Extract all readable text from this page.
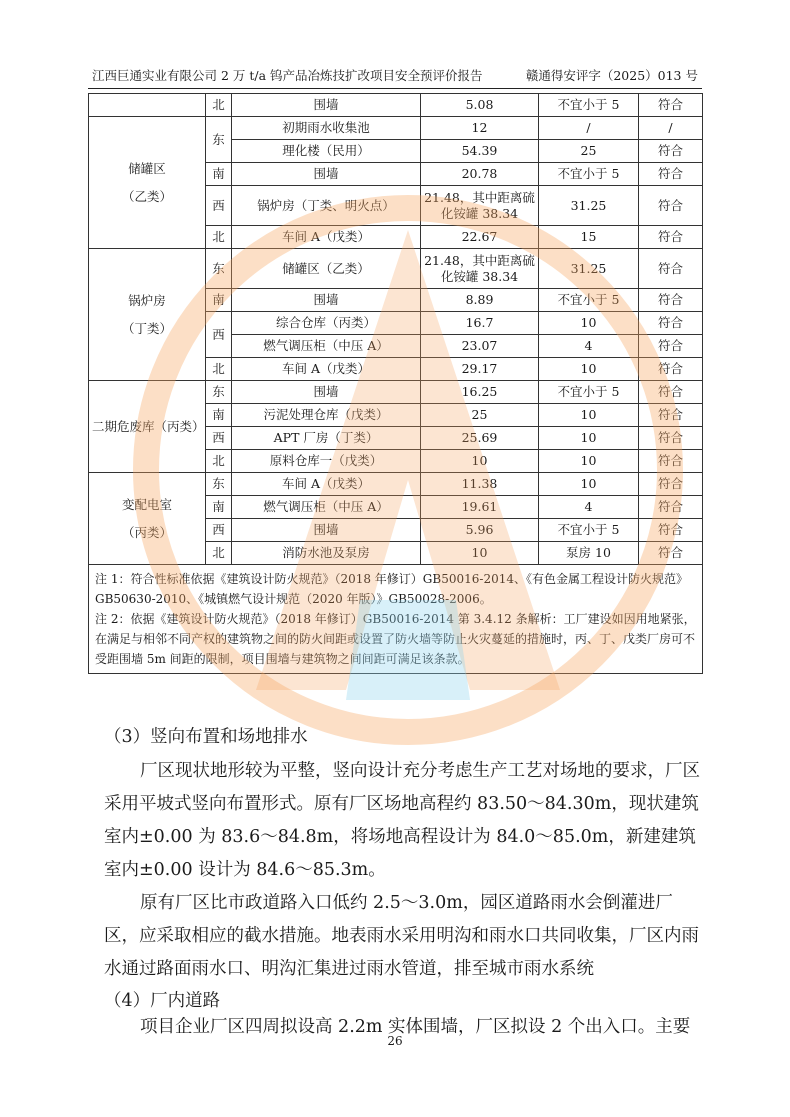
江西巨通实业有限公司 2 万 t/a 钨产品冶炼技扩改项目安全预评价报告	赣通得安评字（2025）013 号
	北	围墙	5.08	不宜小于 5	符合
储罐区
（乙类）	东	初期雨水收集池	12	/	/
		理化楼（民用）	54.39	25	符合
	南	围墙	20.78	不宜小于 5	符合
	西	锅炉房（丁类、明火点）	21.48，其中距离硫化铵罐 38.34	31.25	符合
	北	车间 A（戊类）	22.67	15	符合
锅炉房
（丁类）	东	储罐区（乙类）	21.48，其中距离硫化铵罐 38.34	31.25	符合
	南	围墙	8.89	不宜小于 5	符合
	西	综合仓库（丙类）	16.7	10	符合
		燃气调压柜（中压 A）	23.07	4	符合
	北	车间 A（戊类）	29.17	10	符合
二期危废库（丙类）	东	围墙	16.25	不宜小于 5	符合
	南	污泥处理仓库（戊类）	25	10	符合
	西	APT 厂房（丁类）	25.69	10	符合
	北	原料仓库一（戊类）	10	10	符合
变配电室
（丙类）	东	车间 A（戊类）	11.38	10	符合
	南	燃气调压柜（中压 A）	19.61	4	符合
	西	围墙	5.96	不宜小于 5	符合
	北	消防水池及泵房	10	泵房 10	符合

注 1：符合性标准依据《建筑设计防火规范》（2018 年修订）GB50016-2014、《有色金属工程设计防火规范》GB50630-2010、《城镇燃气设计规范（2020 年版）》GB50028-2006。
注 2：依据《建筑设计防火规范》（2018 年修订）GB50016-2014 第 3.4.12 条解析：工厂建设如因用地紧张，在满足与相邻不同产权的建筑物之间的防火间距或设置了防火墙等防止火灾蔓延的措施时，丙、丁、戊类厂房可不受距围墙 5m 间距的限制，项目围墙与建筑物之间间距可满足该条款。					
（3）竖向布置和场地排水
厂区现状地形较为平整，竖向设计充分考虑生产工艺对场地的要求，厂区采用平坡式竖向布置形式。原有厂区场地高程约 83.50～84.30m，现状建筑室内±0.00 为 83.6～84.8m，将场地高程设计为 84.0～85.0m，新建建筑室内±0.00 设计为 84.6～85.3m。
原有厂区比市政道路入口低约 2.5～3.0m，园区道路雨水会倒灌进厂区，应采取相应的截水措施。地表雨水采用明沟和雨水口共同收集，厂区内雨水通过路面雨水口、明沟汇集进过雨水管道，排至城市雨水系统
（4）厂内道路
项目企业厂区四周拟设高 2.2m 实体围墙，厂区拟设 2 个出入口。主要
26
